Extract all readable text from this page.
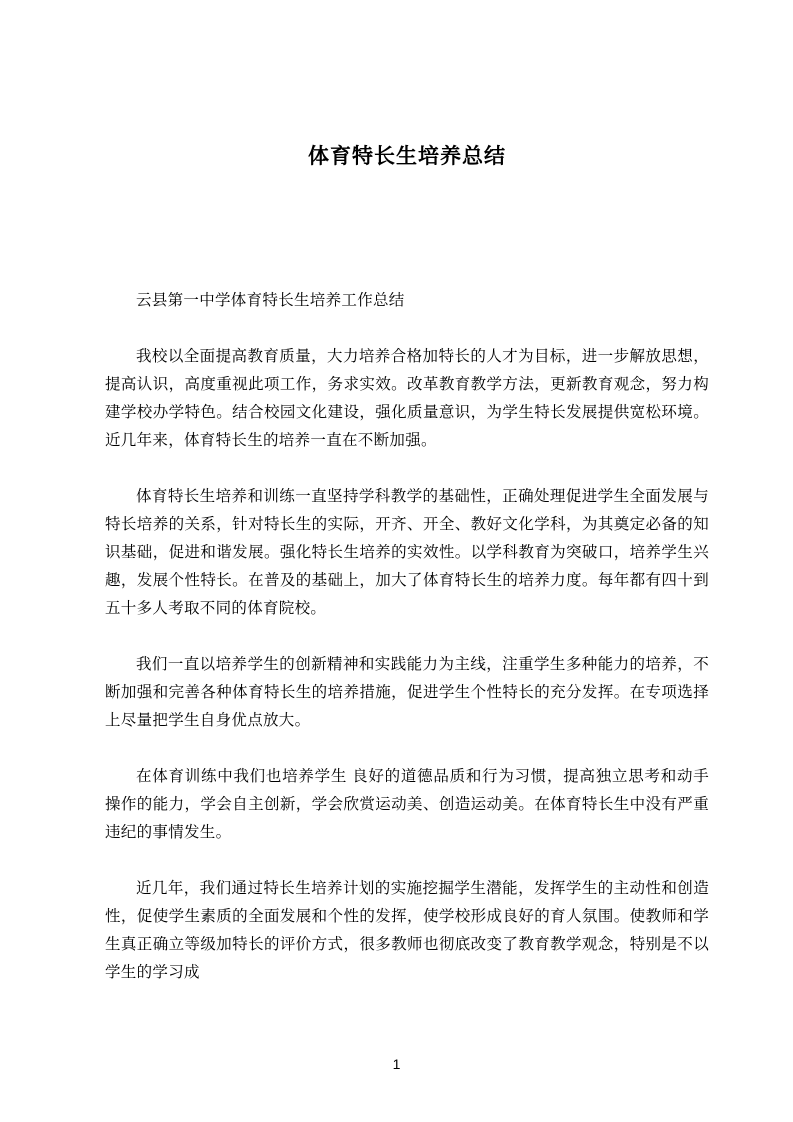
体育特长生培养总结

云县第一中学体育特长生培养工作总结

我校以全面提高教育质量，大力培养合格加特长的人才为目标，进一步解放思想，提高认识，高度重视此项工作，务求实效。改革教育教学方法，更新教育观念，努力构建学校办学特色。结合校园文化建设，强化质量意识，为学生特长发展提供宽松环境。近几年来，体育特长生的培养一直在不断加强。

体育特长生培养和训练一直坚持学科教学的基础性，正确处理促进学生全面发展与特长培养的关系，针对特长生的实际，开齐、开全、教好文化学科，为其奠定必备的知识基础，促进和谐发展。强化特长生培养的实效性。以学科教育为突破口，培养学生兴趣，发展个性特长。在普及的基础上，加大了体育特长生的培养力度。每年都有四十到五十多人考取不同的体育院校。

我们一直以培养学生的创新精神和实践能力为主线，注重学生多种能力的培养，不断加强和完善各种体育特长生的培养措施，促进学生个性特长的充分发挥。在专项选择上尽量把学生自身优点放大。

在体育训练中我们也培养学生 良好的道德品质和行为习惯，提高独立思考和动手操作的能力，学会自主创新，学会欣赏运动美、创造运动美。在体育特长生中没有严重违纪的事情发生。

近几年，我们通过特长生培养计划的实施挖掘学生潜能，发挥学生的主动性和创造性，促使学生素质的全面发展和个性的发挥，使学校形成良好的育人氛围。使教师和学生真正确立等级加特长的评价方式，很多教师也彻底改变了教育教学观念，特别是不以学生的学习成

1
